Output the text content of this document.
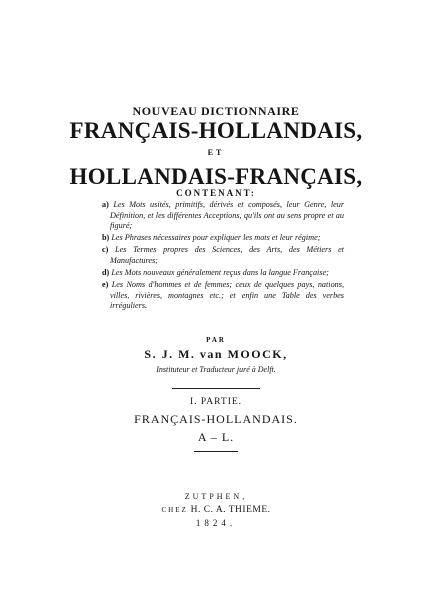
NOUVEAU DICTIONNAIRE
FRANÇAIS-HOLLANDAIS,
ET
HOLLANDAIS-FRANÇAIS,
CONTENANT:
a) Les Mots usités, primitifs, dérivés et composés, leur Genre, leur Définition, et les différentes Acceptions, qu'ils ont au sens propre et au figuré;
b) Les Phrases nécessaires pour expliquer les mots et leur régime;
c) Les Termes propres des Sciences, des Arts, des Métiers et Manufactures;
d) Les Mots nouveaux généralement reçus dans la langue Française;
e) Les Noms d'hommes et de femmes; ceux de quelques pays, nations, villes, rivières, montagnes etc.; et enfin une Table des verbes irréguliers.
PAR
S. J. M. van MOOCK,
Instituteur et Traducteur juré à Delft.
I. PARTIE.
FRANÇAIS-HOLLANDAIS.
A – L.
ZUTPHEN,
CHEZ H. C. A. THIEME.
1824.
